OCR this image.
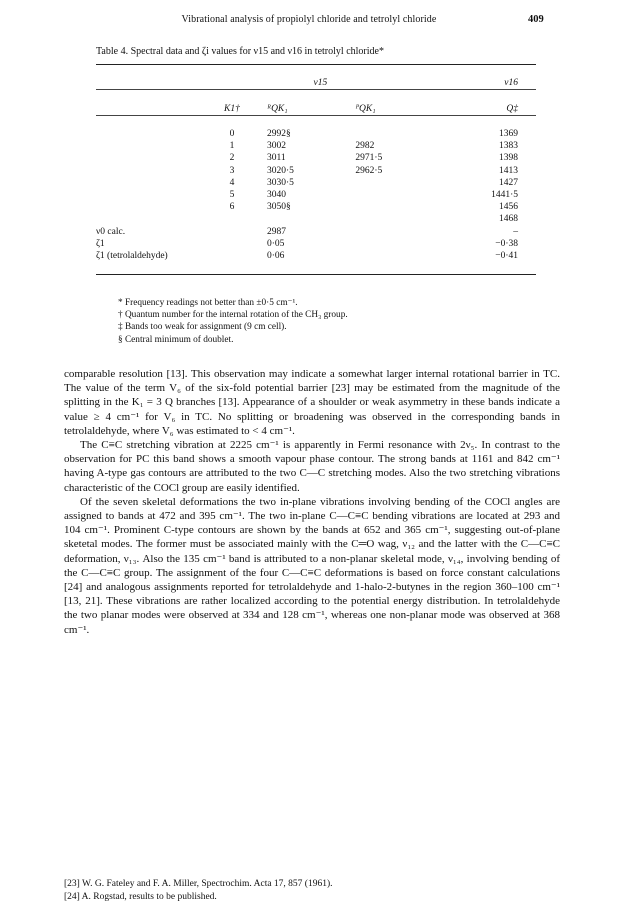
Vibrational analysis of propiolyl chloride and tetrolyl chloride	409
Table 4. Spectral data and ζi values for ν15 and ν16 in tetrolyl chloride*

	ν15			ν16

	K1†	ᴿQK₁	ᴾQK₁	Q‡

	0	2992§		1369
	1	3002	2982	1383
	2	3011	2971·5	1398
	3	3020·5	2962·5	1413
	4	3030·5		1427
	5	3040		1441·5
	6	3050§		1456
				1468
ν0 calc.		2987		–
ζ1		0·05		−0·38
ζ1 (tetrolaldehyde)		0·06		−0·41

* Frequency readings not better than ±0·5 cm⁻¹.
† Quantum number for the internal rotation of the CH₃ group.
‡ Bands too weak for assignment (9 cm cell).
§ Central minimum of doublet.

comparable resolution [13]. This observation may indicate a somewhat larger internal rotational barrier in TC. The value of the term V₆ of the six-fold potential barrier [23] may be estimated from the magnitude of the splitting in the K₁ = 3 Q branches [13]. Appearance of a shoulder or weak asymmetry in these bands indicate a value ≥ 4 cm⁻¹ for V₆ in TC. No splitting or broadening was observed in the corresponding bands in tetrolaldehyde, where V₆ was estimated to < 4 cm⁻¹.

The C≡C stretching vibration at 2225 cm⁻¹ is apparently in Fermi resonance with 2ν₅. In contrast to the observation for PC this band shows a smooth vapour phase contour. The strong bands at 1161 and 842 cm⁻¹ having A-type gas contours are attributed to the two C—C stretching modes. Also the two stretching vibrations characteristic of the COCl group are easily identified.

Of the seven skeletal deformations the two in-plane vibrations involving bending of the COCl angles are assigned to bands at 472 and 395 cm⁻¹. The two in-plane C—C≡C bending vibrations are located at 293 and 104 cm⁻¹. Prominent C-type contours are shown by the bands at 652 and 365 cm⁻¹, suggesting out-of-plane sketetal modes. The former must be associated mainly with the C═O wag, ν₁₂ and the latter with the C—C≡C deformation, ν₁₃. Also the 135 cm⁻¹ band is attributed to a non-planar skeletal mode, ν₁₄, involving bending of the C—C≡C group. The assignment of the four C—C≡C deformations is based on force constant calculations [24] and analogous assignments reported for tetrolaldehyde and 1-halo-2-butynes in the region 360–100 cm⁻¹ [13, 21]. These vibrations are rather localized according to the potential energy distribution. In tetrolaldehyde the two planar modes were observed at 334 and 128 cm⁻¹, whereas one non-planar mode was observed at 368 cm⁻¹.

[23] W. G. Fateley and F. A. Miller, Spectrochim. Acta 17, 857 (1961).
[24] A. Rogstad, results to be published.
